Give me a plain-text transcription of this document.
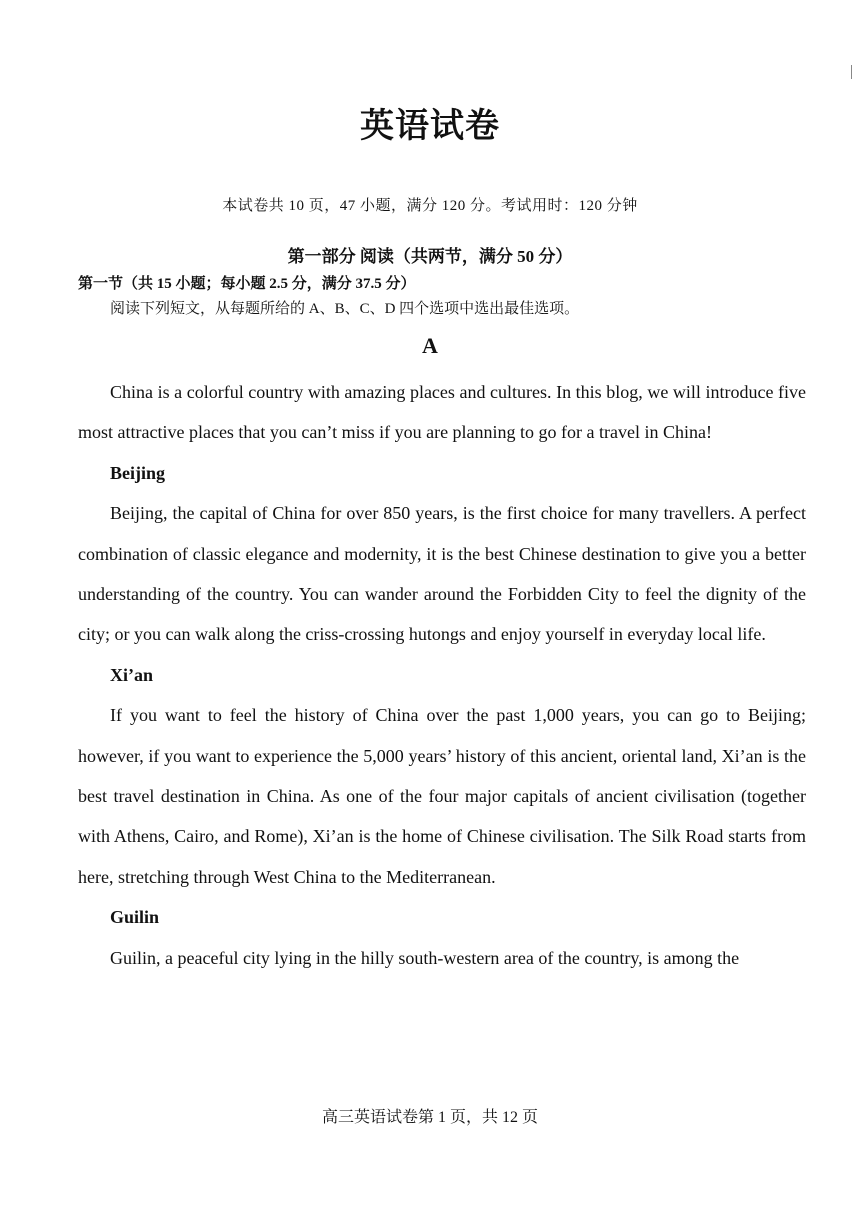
英语试卷
本试卷共 10 页，47 小题，满分 120 分。考试用时：120 分钟
第一部分 阅读（共两节，满分 50 分）
第一节（共 15 小题；每小题 2.5 分，满分 37.5 分）
阅读下列短文，从每题所给的 A、B、C、D 四个选项中选出最佳选项。
A

China is a colorful country with amazing places and cultures. In this blog, we will introduce five most attractive places that you can’t miss if you are planning to go for a travel in China!

Beijing

Beijing, the capital of China for over 850 years, is the first choice for many travellers. A perfect combination of classic elegance and modernity, it is the best Chinese destination to give you a better understanding of the country. You can wander around the Forbidden City to feel the dignity of the city; or you can walk along the criss-crossing hutongs and enjoy yourself in everyday local life.

Xi’an

If you want to feel the history of China over the past 1,000 years, you can go to Beijing; however, if you want to experience the 5,000 years’ history of this ancient, oriental land, Xi’an is the best travel destination in China. As one of the four major capitals of ancient civilisation (together with Athens, Cairo, and Rome), Xi’an is the home of Chinese civilisation. The Silk Road starts from here, stretching through West China to the Mediterranean.

Guilin

Guilin, a peaceful city lying in the hilly south-western area of the country, is among the

高三英语试卷第 1 页，共 12 页
